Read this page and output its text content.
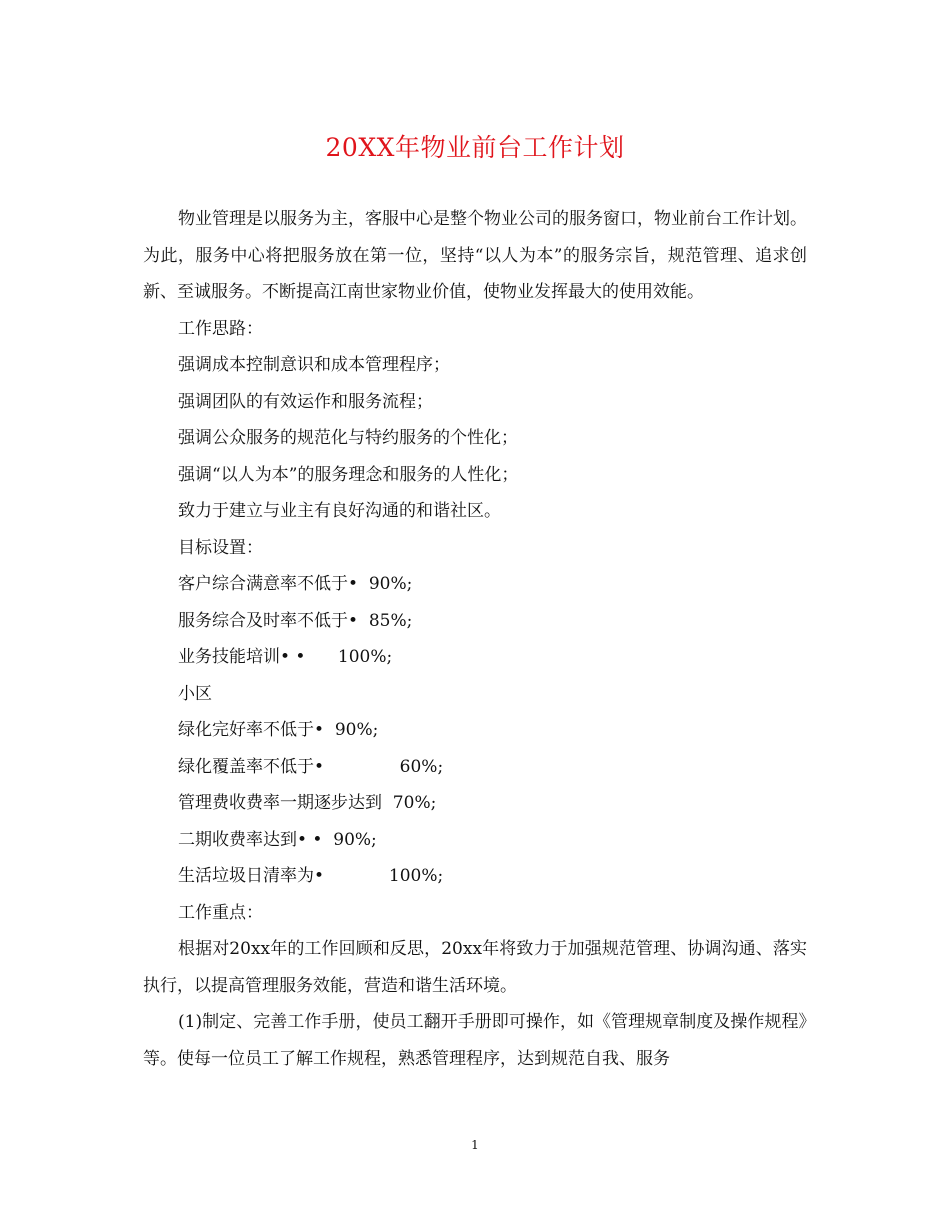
20XX年物业前台工作计划

物业管理是以服务为主，客服中心是整个物业公司的服务窗口，物业前台工作计划。为此，服务中心将把服务放在第一位，坚持“以人为本”的服务宗旨，规范管理、追求创新、至诚服务。不断提高江南世家物业价值，使物业发挥最大的使用效能。

工作思路：

强调成本控制意识和成本管理程序；

强调团队的有效运作和服务流程；

强调公众服务的规范化与特约服务的个性化；

强调“以人为本”的服务理念和服务的人性化；

致力于建立与业主有良好沟通的和谐社区。

目标设置：

客户综合满意率不低于•  90%;

服务综合及时率不低于•  85%;

业务技能培训• •      100%;

小区

绿化完好率不低于•  90%;

绿化覆盖率不低于•              60%;

管理费收费率一期逐步达到  70%;

二期收费率达到• •  90%;

生活垃圾日清率为•            100%;

工作重点：

根据对20xx年的工作回顾和反思，20xx年将致力于加强规范管理、协调沟通、落实执行，以提高管理服务效能，营造和谐生活环境。

(1)制定、完善工作手册，使员工翻开手册即可操作，如《管理规章制度及操作规程》等。使每一位员工了解工作规程，熟悉管理程序，达到规范自我、服务

1
